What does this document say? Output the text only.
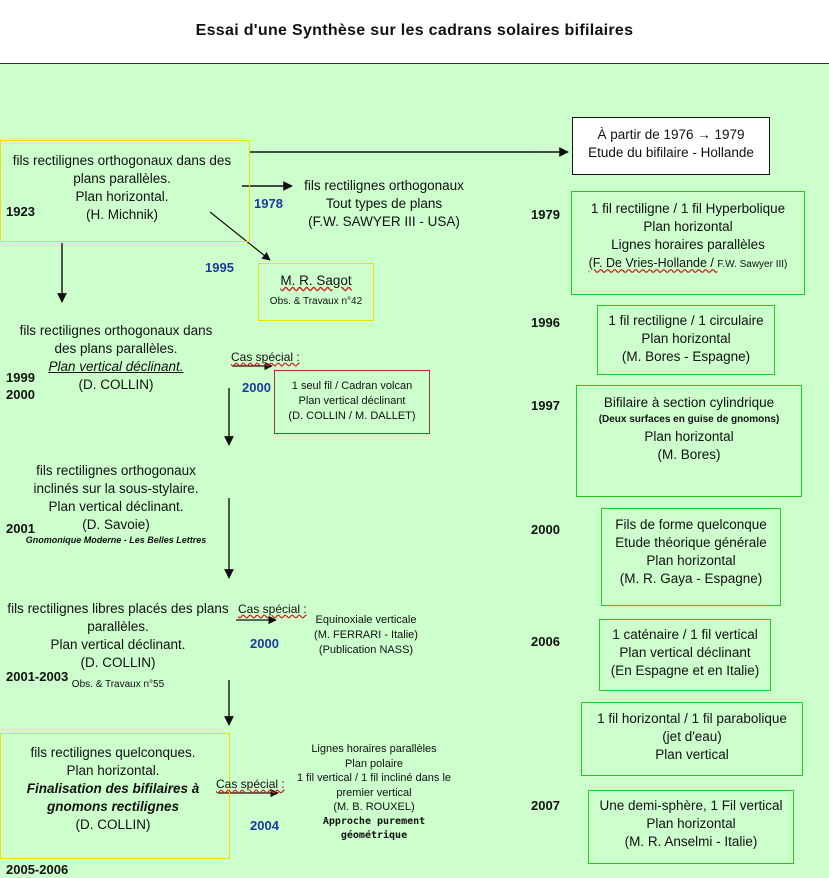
Essai d'une Synthèse sur les cadrans solaires bifilaires
fils rectilignes orthogonaux dans des
plans parallèles.
Plan horizontal.
(H. Michnik)
1923
1978
fils rectilignes orthogonaux
Tout types de plans
(F.W. SAWYER III - USA)
1995
M. R. Sagot
Obs. & Travaux n°42
fils rectilignes orthogonaux dans
des plans parallèles.
Plan vertical déclinant.
(D. COLLIN)
1999
2000
Cas spécial :
2000	1 seul fil / Cadran volcan
Plan vertical déclinant
(D. COLLIN / M. DALLET)
fils rectilignes orthogonaux
inclinés sur la sous-stylaire.
Plan vertical déclinant.
(D. Savoie)
Gnomonique Moderne - Les Belles Lettres
2001
fils rectilignes libres placés des plans
parallèles.
Plan vertical déclinant.
(D. COLLIN)
Obs. & Travaux n°55
2001-2003
Cas spécial :
2000
Equinoxiale verticale
(M. FERRARI - Italie)
(Publication NASS)
fils rectilignes quelconques.
Plan horizontal.
Finalisation des bifilaires à
gnomons rectilignes
(D. COLLIN)
2005-2006
Cas spécial :
2004
Lignes horaires parallèles
Plan polaire
1 fil vertical / 1 fil incliné dans le
premier vertical
(M. B. ROUXEL)
Approche purement
géométrique
À partir de 1976 → 1979
Etude du bifilaire - Hollande
1979	1 fil rectiligne / 1 fil Hyperbolique
Plan horizontal
Lignes horaires parallèles
(F. De Vries-Hollande / F.W. Sawyer III)
1996	1 fil rectiligne / 1 circulaire
Plan horizontal
(M. Bores - Espagne)
1997	Bifilaire à section cylindrique
(Deux surfaces en guise de gnomons)
Plan horizontal
(M. Bores)
2000	Fils de forme quelconque
Etude théorique générale
Plan horizontal
(M. R. Gaya - Espagne)
2006	1 caténaire / 1 fil vertical
Plan vertical déclinant
(En Espagne et en Italie)
1 fil horizontal / 1 fil parabolique
(jet d'eau)
Plan vertical
2007	Une demi-sphère, 1 Fil vertical
Plan horizontal
(M. R. Anselmi - Italie)
